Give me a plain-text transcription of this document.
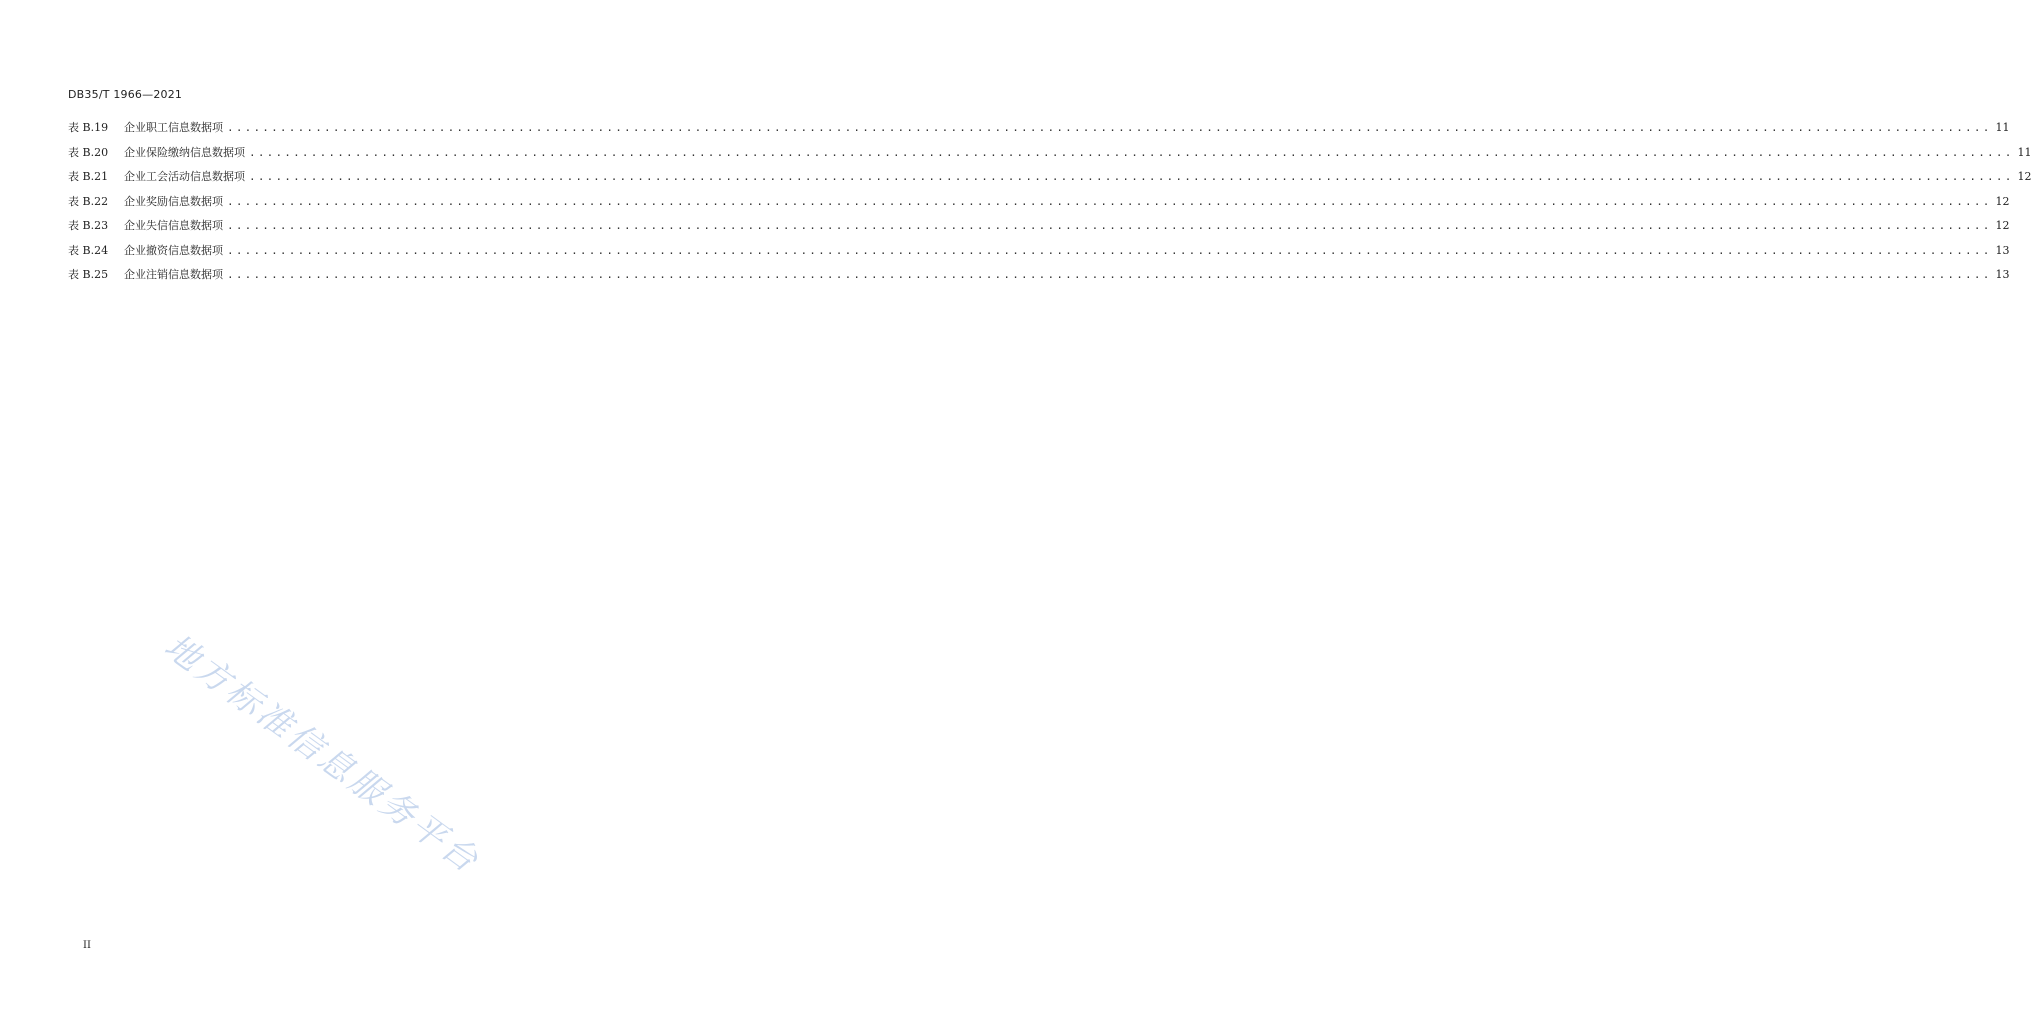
DB35/T 1966—2021
表 B.19	企业职工信息数据项 ........................................................................................................................................................................................................ 11
表 B.20	企业保险缴纳信息数据项 ........................................................................................................................................................................................................ 11
表 B.21	企业工会活动信息数据项 ........................................................................................................................................................................................................ 12
表 B.22	企业奖励信息数据项 ........................................................................................................................................................................................................ 12
表 B.23	企业失信信息数据项 ........................................................................................................................................................................................................ 12
表 B.24	企业撤资信息数据项 ........................................................................................................................................................................................................ 13
表 B.25	企业注销信息数据项 ........................................................................................................................................................................................................ 13
地方标准信息服务平台
II
